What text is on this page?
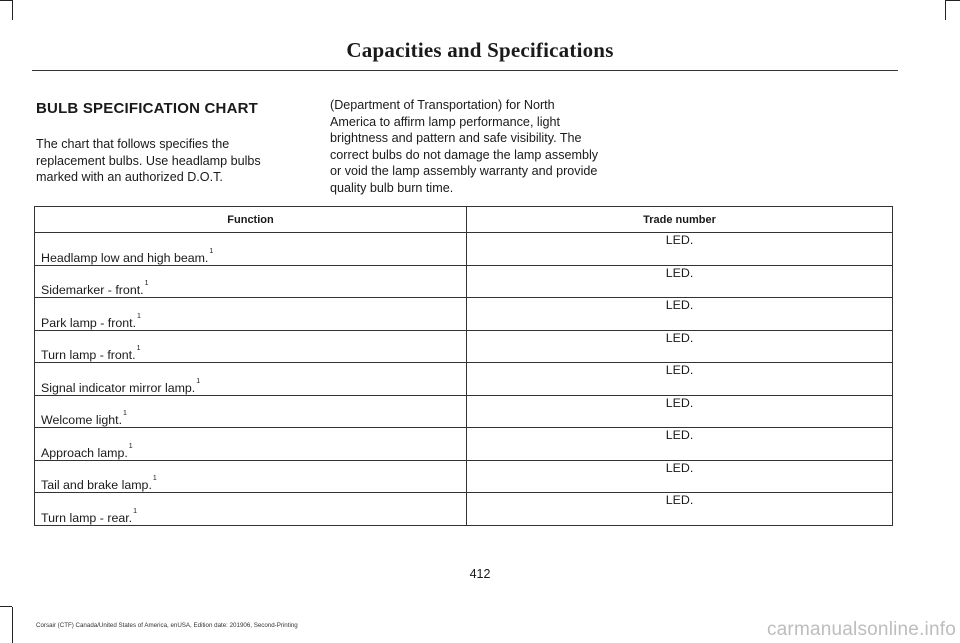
Capacities and Specifications
BULB SPECIFICATION CHART
The chart that follows specifies the replacement bulbs. Use headlamp bulbs marked with an authorized D.O.T.
(Department of Transportation) for North America to affirm lamp performance, light brightness and pattern and safe visibility. The correct bulbs do not damage the lamp assembly or void the lamp assembly warranty and provide quality bulb burn time.
Function	Trade number
Headlamp low and high beam.$^1$	LED.
Sidemarker - front.$^1$	LED.
Park lamp - front.$^1$	LED.
Turn lamp - front.$^1$	LED.
Signal indicator mirror lamp.$^1$	LED.
Welcome light.$^1$	LED.
Approach lamp.$^1$	LED.
Tail and brake lamp.$^1$	LED.
Turn lamp - rear.$^1$	LED.
412
Corsair (CTF) Canada/United States of America, enUSA, Edition date: 201906, Second-Printing	carmanualsonline.info
